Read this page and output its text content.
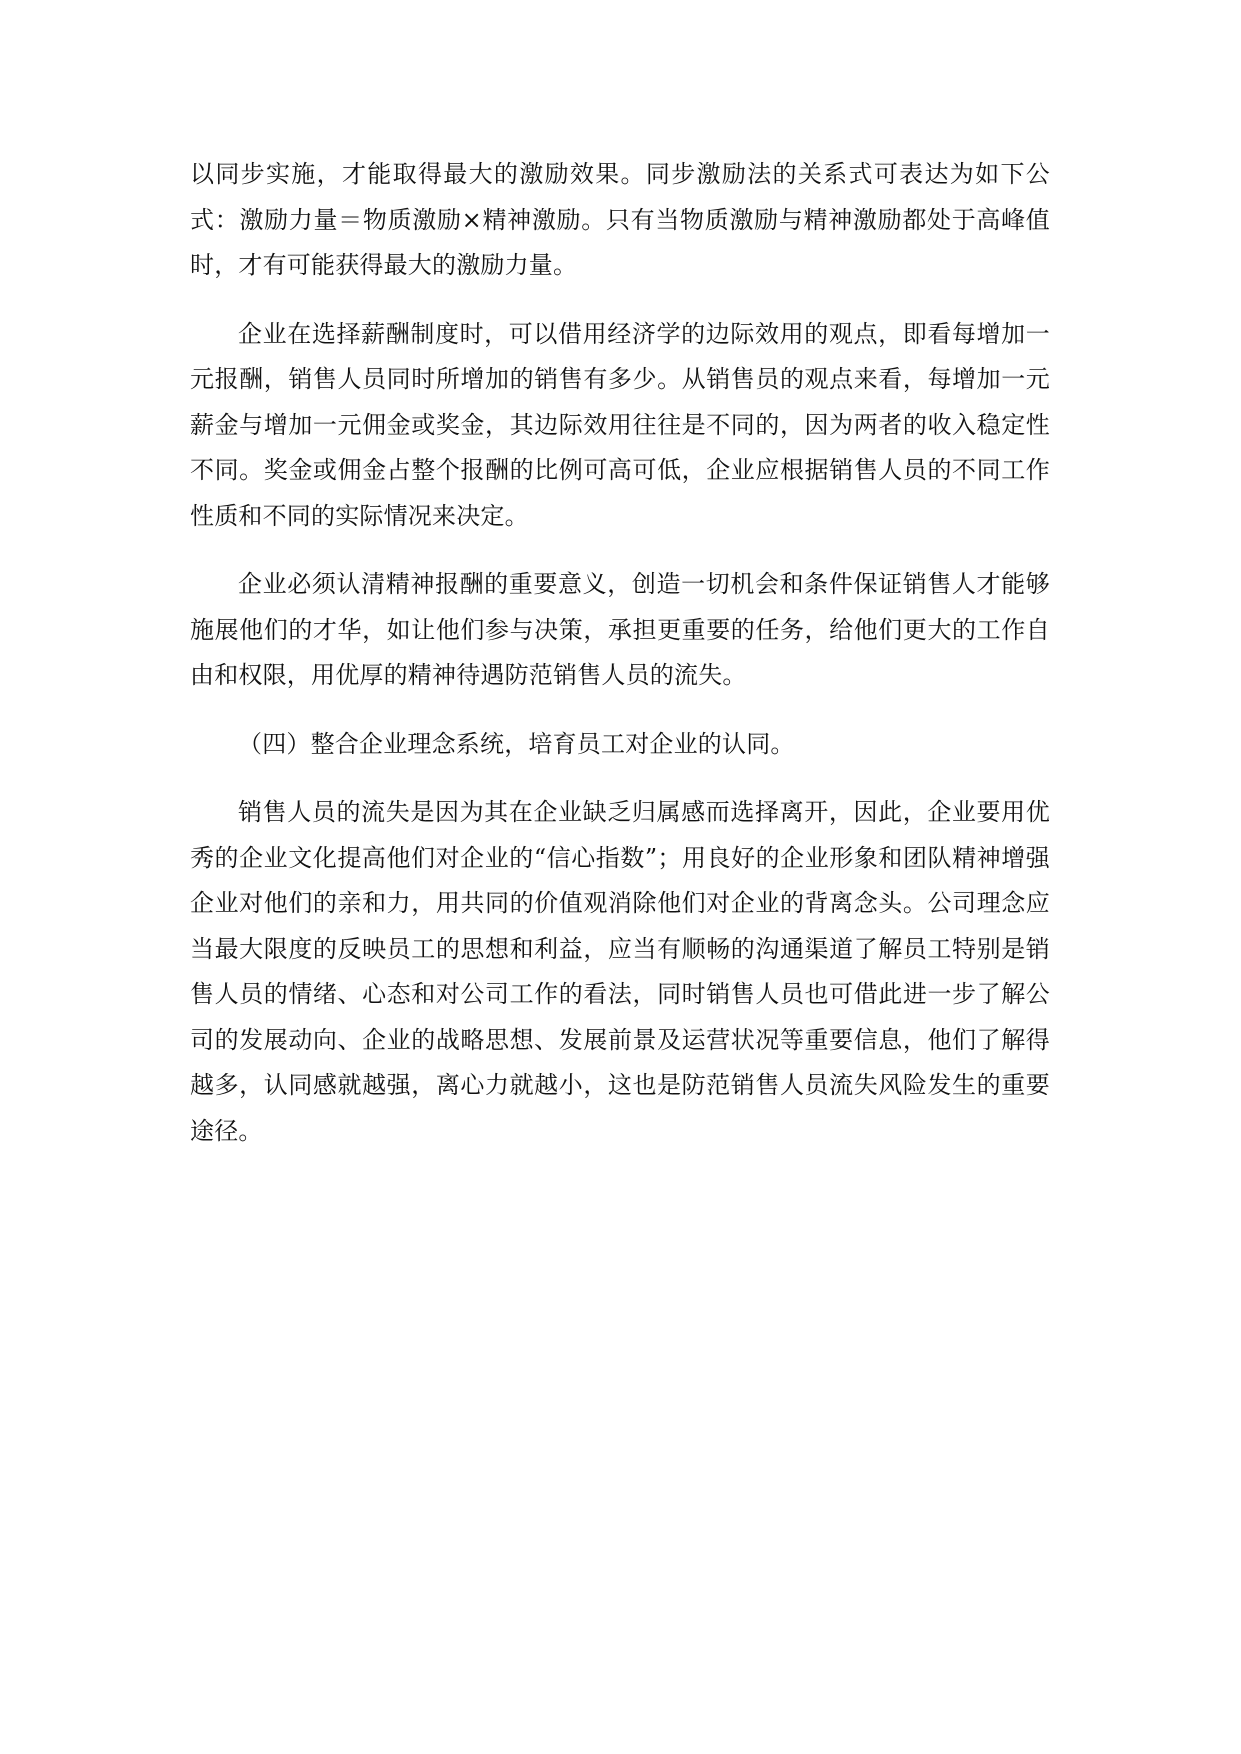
以同步实施，才能取得最大的激励效果。同步激励法的关系式可表达为如下公式：激励力量＝物质激励×精神激励。只有当物质激励与精神激励都处于高峰值时，才有可能获得最大的激励力量。

企业在选择薪酬制度时，可以借用经济学的边际效用的观点，即看每增加一元报酬，销售人员同时所增加的销售有多少。从销售员的观点来看，每增加一元薪金与增加一元佣金或奖金，其边际效用往往是不同的，因为两者的收入稳定性不同。奖金或佣金占整个报酬的比例可高可低，企业应根据销售人员的不同工作性质和不同的实际情况来决定。

企业必须认清精神报酬的重要意义，创造一切机会和条件保证销售人才能够施展他们的才华，如让他们参与决策，承担更重要的任务，给他们更大的工作自由和权限，用优厚的精神待遇防范销售人员的流失。

（四）整合企业理念系统，培育员工对企业的认同。

销售人员的流失是因为其在企业缺乏归属感而选择离开，因此，企业要用优秀的企业文化提高他们对企业的“信心指数”；用良好的企业形象和团队精神增强企业对他们的亲和力，用共同的价值观消除他们对企业的背离念头。公司理念应当最大限度的反映员工的思想和利益，应当有顺畅的沟通渠道了解员工特别是销售人员的情绪、心态和对公司工作的看法，同时销售人员也可借此进一步了解公司的发展动向、企业的战略思想、发展前景及运营状况等重要信息，他们了解得越多，认同感就越强，离心力就越小，这也是防范销售人员流失风险发生的重要途径。
